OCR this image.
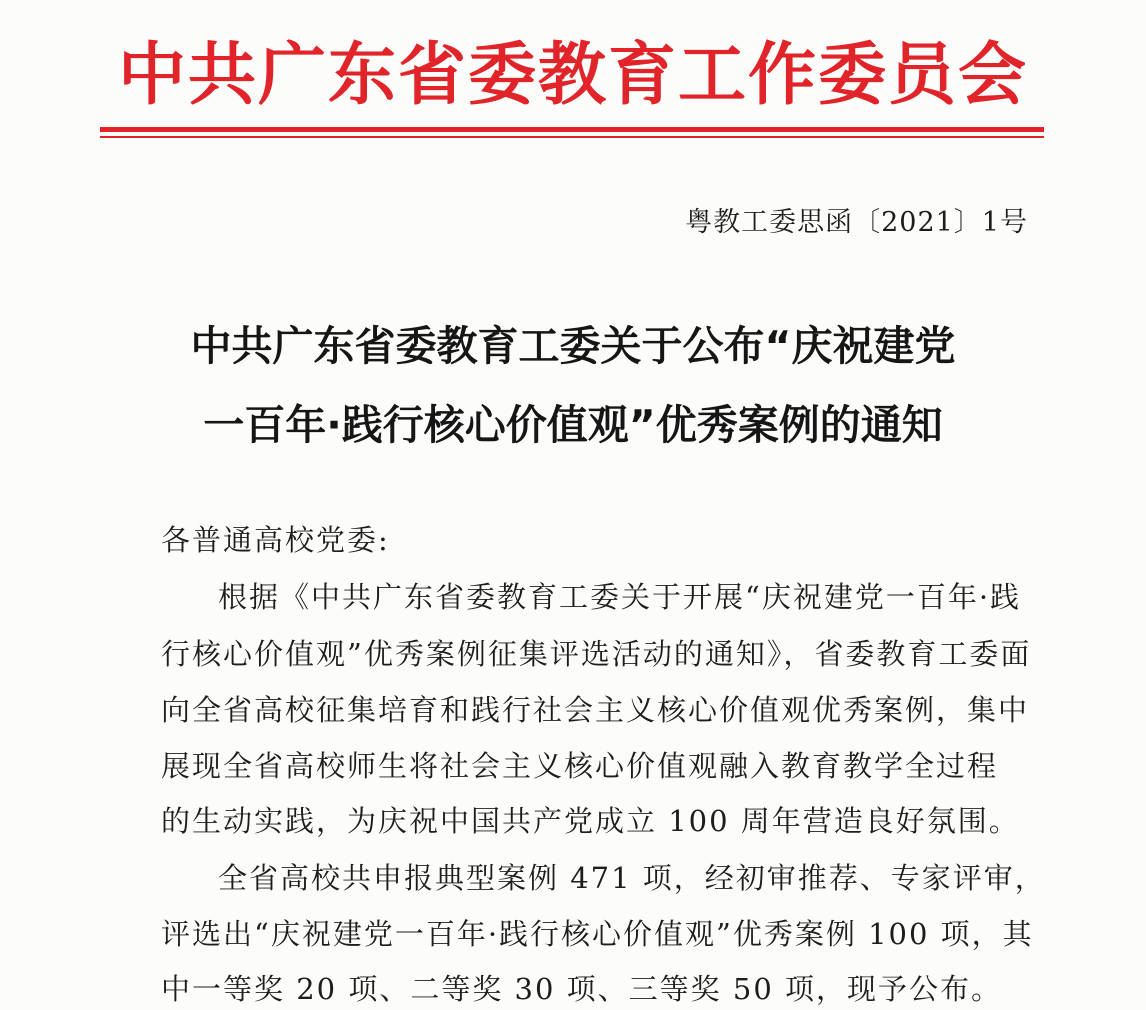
中共广东省委教育工作委员会
粤教工委思函〔2021〕1号
中共广东省委教育工委关于公布“庆祝建党
一百年·践行核心价值观”优秀案例的通知
各普通高校党委:
根据《中共广东省委教育工委关于开展“庆祝建党一百年·践
行核心价值观”优秀案例征集评选活动的通知》，省委教育工委面
向全省高校征集培育和践行社会主义核心价值观优秀案例，集中
展现全省高校师生将社会主义核心价值观融入教育教学全过程
的生动实践，为庆祝中国共产党成立 100 周年营造良好氛围。
全省高校共申报典型案例 471 项，经初审推荐、专家评审，
评选出“庆祝建党一百年·践行核心价值观”优秀案例 100 项，其
中一等奖 20 项、二等奖 30 项、三等奖 50 项，现予公布。
